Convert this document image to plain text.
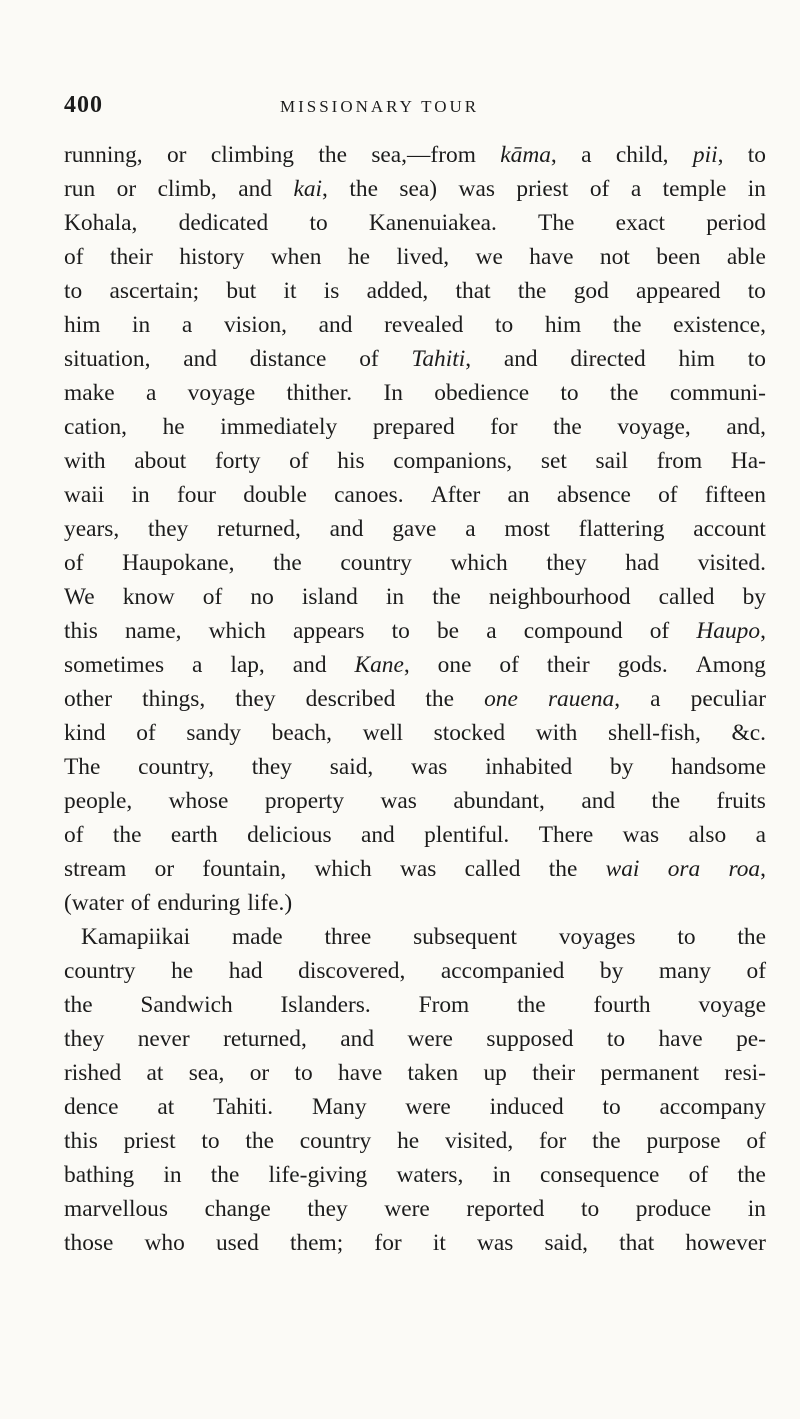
400	MISSIONARY TOUR
running, or climbing the sea,—from kāma, a child, pii, to
run or climb, and kai, the sea) was priest of a temple in
Kohala, dedicated to Kanenuiakea. The exact period
of their history when he lived, we have not been able
to ascertain; but it is added, that the god appeared to
him in a vision, and revealed to him the existence,
situation, and distance of Tahiti, and directed him to
make a voyage thither. In obedience to the communi-
cation, he immediately prepared for the voyage, and,
with about forty of his companions, set sail from Ha-
waii in four double canoes. After an absence of fifteen
years, they returned, and gave a most flattering account
of Haupokane, the country which they had visited.
We know of no island in the neighbourhood called by
this name, which appears to be a compound of Haupo,
sometimes a lap, and Kane, one of their gods. Among
other things, they described the one rauena, a peculiar
kind of sandy beach, well stocked with shell-fish, &c.
The country, they said, was inhabited by handsome
people, whose property was abundant, and the fruits
of the earth delicious and plentiful. There was also a
stream or fountain, which was called the wai ora roa,
(water of enduring life.)
Kamapiikai made three subsequent voyages to the
country he had discovered, accompanied by many of
the Sandwich Islanders. From the fourth voyage
they never returned, and were supposed to have pe-
rished at sea, or to have taken up their permanent resi-
dence at Tahiti. Many were induced to accompany
this priest to the country he visited, for the purpose of
bathing in the life-giving waters, in consequence of the
marvellous change they were reported to produce in
those who used them; for it was said, that however
